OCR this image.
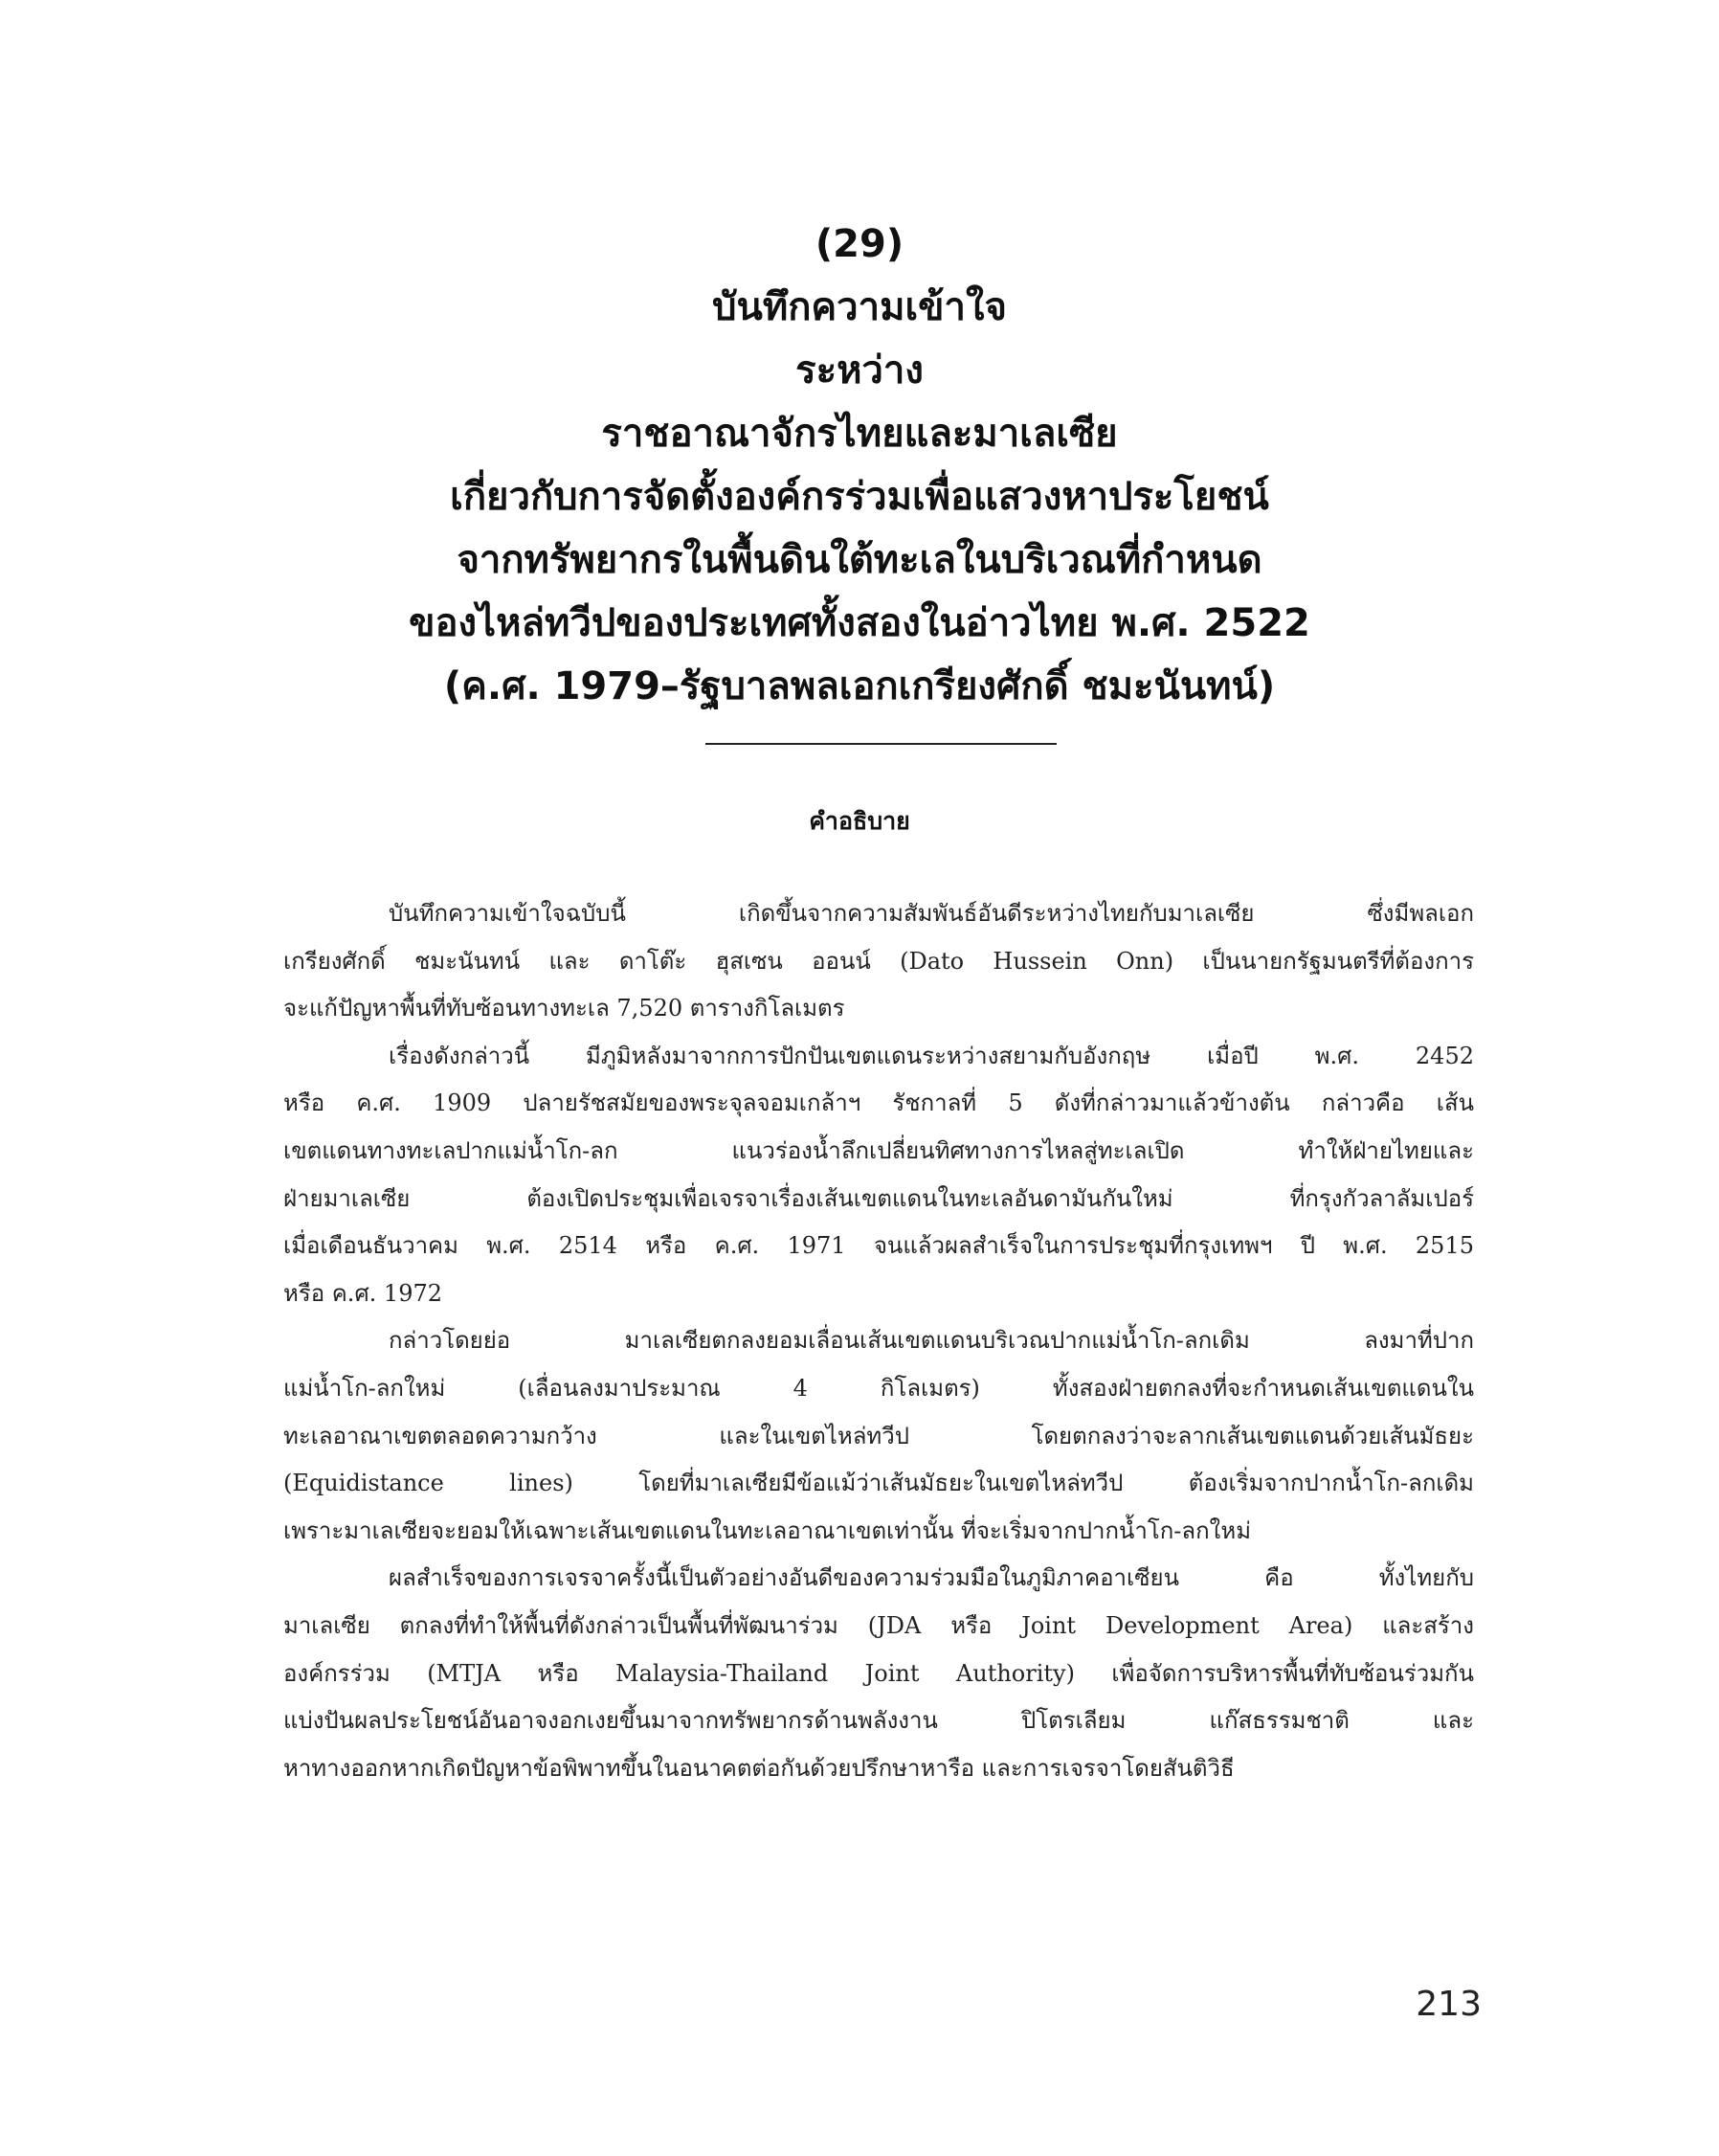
(29)
บันทึกความเข้าใจ
ระหว่าง
ราชอาณาจักรไทยและมาเลเซีย
เกี่ยวกับการจัดตั้งองค์กรร่วมเพื่อแสวงหาประโยชน์
จากทรัพยากรในพื้นดินใต้ทะเลในบริเวณที่กำหนด
ของไหล่ทวีปของประเทศทั้งสองในอ่าวไทย พ.ศ. 2522
(ค.ศ. 1979–รัฐบาลพลเอกเกรียงศักดิ์ ชมะนันทน์)
คำอธิบาย

บันทึกความเข้าใจฉบับนี้ เกิดขึ้นจากความสัมพันธ์อันดีระหว่างไทยกับมาเลเซีย ซึ่งมีพลเอก
เกรียงศักดิ์ ชมะนันทน์ และ ดาโต๊ะ ฮุสเซน ออนน์ (Dato Hussein Onn) เป็นนายกรัฐมนตรีที่ต้องการ
จะแก้ปัญหาพื้นที่ทับซ้อนทางทะเล 7,520 ตารางกิโลเมตร

เรื่องดังกล่าวนี้ มีภูมิหลังมาจากการปักปันเขตแดนระหว่างสยามกับอังกฤษ เมื่อปี พ.ศ. 2452
หรือ ค.ศ. 1909 ปลายรัชสมัยของพระจุลจอมเกล้าฯ รัชกาลที่ 5 ดังที่กล่าวมาแล้วข้างต้น กล่าวคือ เส้น
เขตแดนทางทะเลปากแม่น้ำโก-ลก แนวร่องน้ำลึกเปลี่ยนทิศทางการไหลสู่ทะเลเปิด ทำให้ฝ่ายไทยและ
ฝ่ายมาเลเซีย ต้องเปิดประชุมเพื่อเจรจาเรื่องเส้นเขตแดนในทะเลอันดามันกันใหม่ ที่กรุงกัวลาลัมเปอร์
เมื่อเดือนธันวาคม พ.ศ. 2514 หรือ ค.ศ. 1971 จนแล้วผลสำเร็จในการประชุมที่กรุงเทพฯ ปี พ.ศ. 2515
หรือ ค.ศ. 1972

กล่าวโดยย่อ มาเลเซียตกลงยอมเลื่อนเส้นเขตแดนบริเวณปากแม่น้ำโก-ลกเดิม ลงมาที่ปาก
แม่น้ำโก-ลกใหม่ (เลื่อนลงมาประมาณ 4 กิโลเมตร) ทั้งสองฝ่ายตกลงที่จะกำหนดเส้นเขตแดนใน
ทะเลอาณาเขตตลอดความกว้าง และในเขตไหล่ทวีป โดยตกลงว่าจะลากเส้นเขตแดนด้วยเส้นมัธยะ
(Equidistance lines) โดยที่มาเลเซียมีข้อแม้ว่าเส้นมัธยะในเขตไหล่ทวีป ต้องเริ่มจากปากน้ำโก-ลกเดิม
เพราะมาเลเซียจะยอมให้เฉพาะเส้นเขตแดนในทะเลอาณาเขตเท่านั้น ที่จะเริ่มจากปากน้ำโก-ลกใหม่

ผลสำเร็จของการเจรจาครั้งนี้เป็นตัวอย่างอันดีของความร่วมมือในภูมิภาคอาเซียน คือ ทั้งไทยกับ
มาเลเซีย ตกลงที่ทำให้พื้นที่ดังกล่าวเป็นพื้นที่พัฒนาร่วม (JDA หรือ Joint Development Area) และสร้าง
องค์กรร่วม (MTJA หรือ Malaysia-Thailand Joint Authority) เพื่อจัดการบริหารพื้นที่ทับซ้อนร่วมกัน
แบ่งปันผลประโยชน์อันอาจงอกเงยขึ้นมาจากทรัพยากรด้านพลังงาน ปิโตรเลียม แก๊สธรรมชาติ และ
หาทางออกหากเกิดปัญหาข้อพิพาทขึ้นในอนาคตต่อกันด้วยปรึกษาหารือ และการเจรจาโดยสันติวิธี

213
